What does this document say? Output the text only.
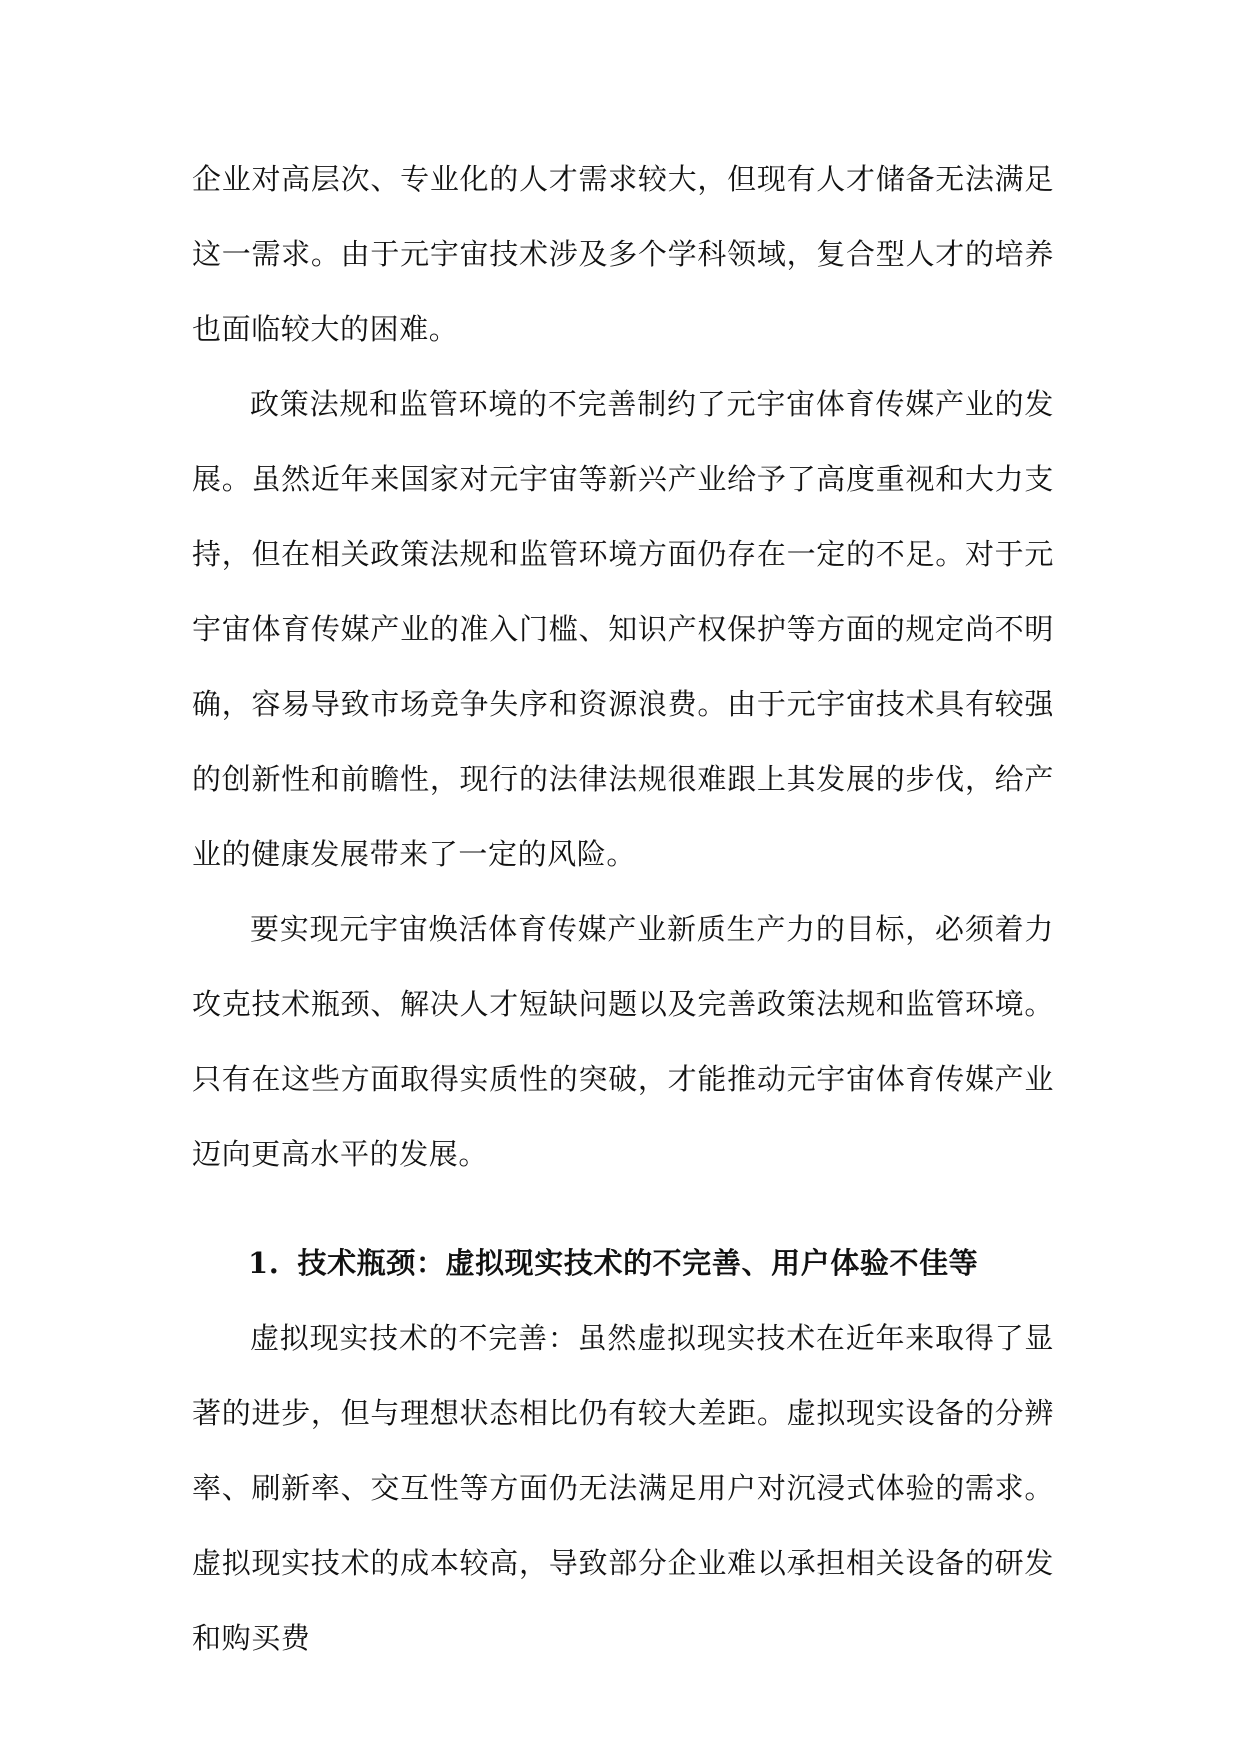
企业对高层次、专业化的人才需求较大，但现有人才储备无法满足这一需求。由于元宇宙技术涉及多个学科领域，复合型人才的培养也面临较大的困难。

政策法规和监管环境的不完善制约了元宇宙体育传媒产业的发展。虽然近年来国家对元宇宙等新兴产业给予了高度重视和大力支持，但在相关政策法规和监管环境方面仍存在一定的不足。对于元宇宙体育传媒产业的准入门槛、知识产权保护等方面的规定尚不明确，容易导致市场竞争失序和资源浪费。由于元宇宙技术具有较强的创新性和前瞻性，现行的法律法规很难跟上其发展的步伐，给产业的健康发展带来了一定的风险。

要实现元宇宙焕活体育传媒产业新质生产力的目标，必须着力攻克技术瓶颈、解决人才短缺问题以及完善政策法规和监管环境。只有在这些方面取得实质性的突破，才能推动元宇宙体育传媒产业迈向更高水平的发展。

1. 技术瓶颈：虚拟现实技术的不完善、用户体验不佳等

虚拟现实技术的不完善：虽然虚拟现实技术在近年来取得了显著的进步，但与理想状态相比仍有较大差距。虚拟现实设备的分辨率、刷新率、交互性等方面仍无法满足用户对沉浸式体验的需求。虚拟现实技术的成本较高，导致部分企业难以承担相关设备的研发和购买费
